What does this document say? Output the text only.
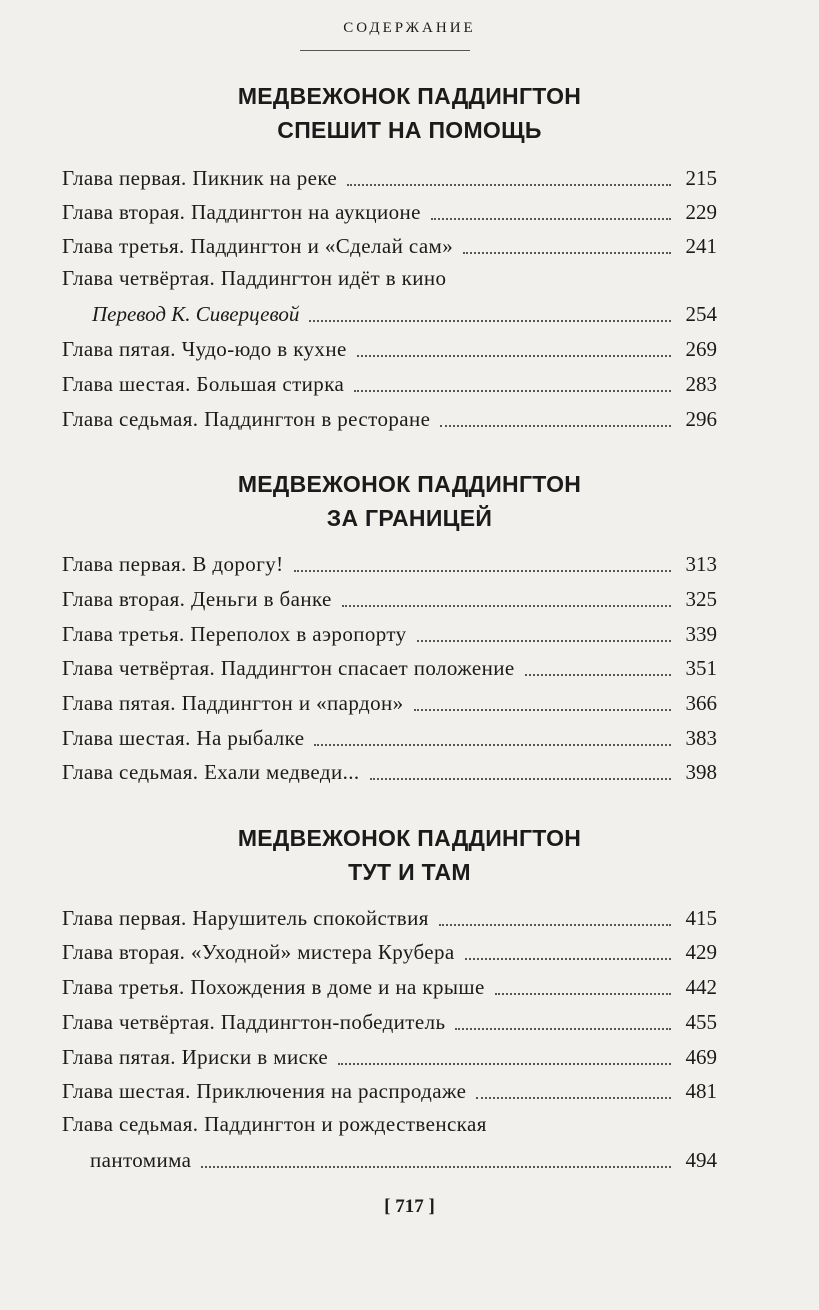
СОДЕРЖАНИЕ
МЕДВЕЖОНОК ПАДДИНГТОН
СПЕШИТ НА ПОМОЩЬ
Глава первая. Пикник на реке	215
Глава вторая. Паддингтон на аукционе	229
Глава третья. Паддингтон и «Сделай сам»	241
Глава четвёртая. Паддингтон идёт в кино
Перевод К. Сиверцевой	254
Глава пятая. Чудо-юдо в кухне	269
Глава шестая. Большая стирка	283
Глава седьмая. Паддингтон в ресторане	296
МЕДВЕЖОНОК ПАДДИНГТОН
ЗА ГРАНИЦЕЙ
Глава первая. В дорогу!	313
Глава вторая. Деньги в банке	325
Глава третья. Переполох в аэропорту	339
Глава четвёртая. Паддингтон спасает положение	351
Глава пятая. Паддингтон и «пардон»	366
Глава шестая. На рыбалке	383
Глава седьмая. Ехали медведи...	398
МЕДВЕЖОНОК ПАДДИНГТОН
ТУТ И ТАМ
Глава первая. Нарушитель спокойствия	415
Глава вторая. «Уходной» мистера Крубера	429
Глава третья. Похождения в доме и на крыше	442
Глава четвёртая. Паддингтон-победитель	455
Глава пятая. Ириски в миске	469
Глава шестая. Приключения на распродаже	481
Глава седьмая. Паддингтон и рождественская
пантомима	494
[ 717 ]
